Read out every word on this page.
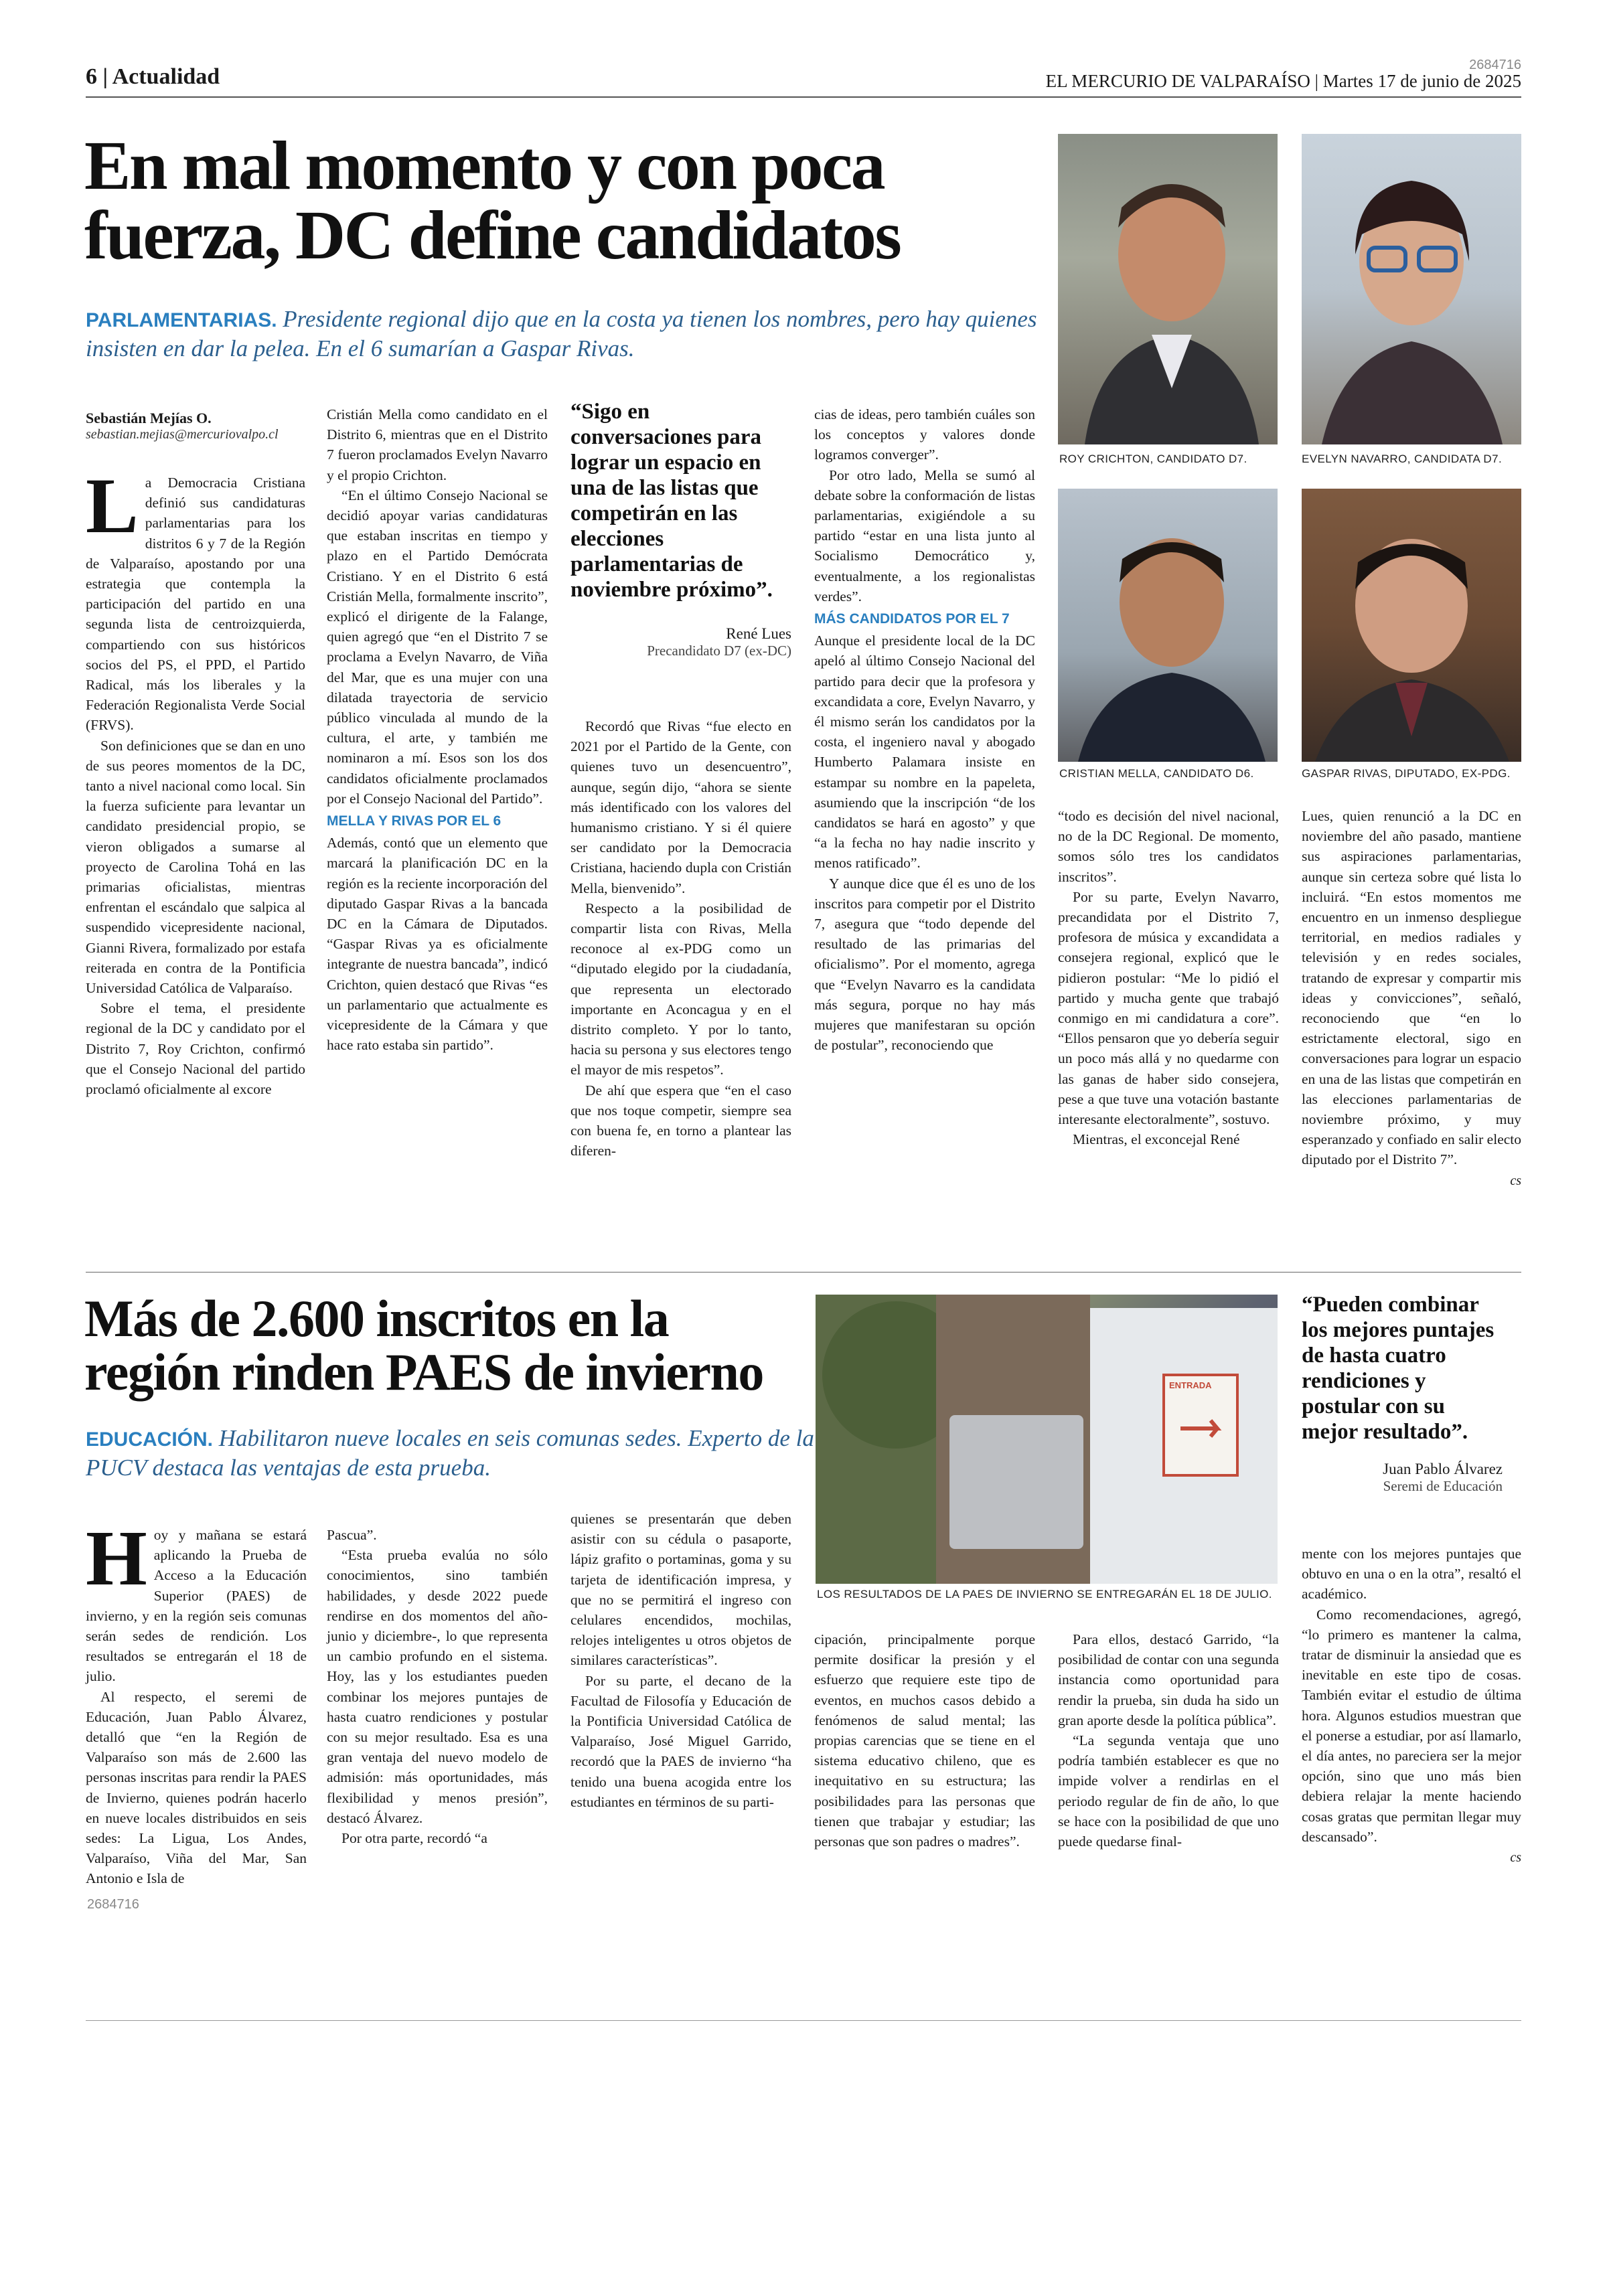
6 | Actualidad	EL MERCURIO DE VALPARAÍSO | Martes 17 de junio de 2025
2684716
En mal momento y con poca fuerza, DC define candidatos
PARLAMENTARIAS. Presidente regional dijo que en la costa ya tienen los nombres, pero hay quienes insisten en dar la pelea. En el 6 sumarían a Gaspar Rivas.
ROY CRICHTON, CANDIDATO D7.	EVELYN NAVARRO, CANDIDATA D7.
CRISTIAN MELLA, CANDIDATO D6.	GASPAR RIVAS, DIPUTADO, EX-PDG.
Sebastián Mejías O.
sebastian.mejias@mercuriovalpo.cl
L a Democracia Cristiana definió sus candidaturas parlamentarias para los distritos 6 y 7 de la Región de Valparaíso, apostando por una estrategia que contempla la participación del partido en una segunda lista de centroizquierda, compartiendo con sus históricos socios del PS, el PPD, el Partido Radical, más los liberales y la Federación Regionalista Verde Social (FRVS).

Son definiciones que se dan en uno de sus peores momentos de la DC, tanto a nivel nacional como local. Sin la fuerza suficiente para levantar un candidato presidencial propio, se vieron obligados a sumarse al proyecto de Carolina Tohá en las primarias oficialistas, mientras enfrentan el escándalo que salpica al suspendido vicepresidente nacional, Gianni Rivera, formalizado por estafa reiterada en contra de la Pontificia Universidad Católica de Valparaíso.

Sobre el tema, el presidente regional de la DC y candidato por el Distrito 7, Roy Crichton, confirmó que el Consejo Nacional del partido proclamó oficialmente al excore

Cristián Mella como candidato en el Distrito 6, mientras que en el Distrito 7 fueron proclamados Evelyn Navarro y el propio Crichton.

“En el último Consejo Nacional se decidió apoyar varias candidaturas que estaban inscritas en tiempo y plazo en el Partido Demócrata Cristiano. Y en el Distrito 6 está Cristián Mella, formalmente inscrito”, explicó el dirigente de la Falange, quien agregó que “en el Distrito 7 se proclama a Evelyn Navarro, de Viña del Mar, que es una mujer con una dilatada trayectoria de servicio público vinculada al mundo de la cultura, el arte, y también me nominaron a mí. Esos son los dos candidatos oficialmente proclamados por el Consejo Nacional del Partido”.

MELLA Y RIVAS POR EL 6

Además, contó que un elemento que marcará la planificación DC en la región es la reciente incorporación del diputado Gaspar Rivas a la bancada DC en la Cámara de Diputados. “Gaspar Rivas ya es oficialmente integrante de nuestra bancada”, indicó Crichton, quien destacó que Rivas “es un parlamentario que actualmente es vicepresidente de la Cámara y que hace rato estaba sin partido”.

“Sigo en conversaciones para lograr un espacio en una de las listas que competirán en las elecciones parlamentarias de noviembre próximo”.
René Lues
Precandidato D7 (ex-DC)

Recordó que Rivas “fue electo en 2021 por el Partido de la Gente, con quienes tuvo un desencuentro”, aunque, según dijo, “ahora se siente más identificado con los valores del humanismo cristiano. Y si él quiere ser candidato por la Democracia Cristiana, haciendo dupla con Cristián Mella, bienvenido”.

Respecto a la posibilidad de compartir lista con Rivas, Mella reconoce al ex-PDG como un “diputado elegido por la ciudadanía, que representa un electorado importante en Aconcagua y en el distrito completo. Y por lo tanto, hacia su persona y sus electores tengo el mayor de mis respetos”.

De ahí que espera que “en el caso que nos toque competir, siempre sea con buena fe, en torno a plantear las diferen-

cias de ideas, pero también cuáles son los conceptos y valores donde logramos converger”.

Por otro lado, Mella se sumó al debate sobre la conformación de listas parlamentarias, exigiéndole a su partido “estar en una lista junto al Socialismo Democrático y, eventualmente, a los regionalistas verdes”.

MÁS CANDIDATOS POR EL 7

Aunque el presidente local de la DC apeló al último Consejo Nacional del partido para decir que la profesora y excandidata a core, Evelyn Navarro, y él mismo serán los candidatos por la costa, el ingeniero naval y abogado Humberto Palamara insiste en estampar su nombre en la papeleta, asumiendo que la inscripción “de los candidatos se hará en agosto” y que “a la fecha no hay nadie inscrito y menos ratificado”.

Y aunque dice que él es uno de los inscritos para competir por el Distrito 7, asegura que “todo depende del resultado de las primarias del oficialismo”. Por el momento, agrega que “Evelyn Navarro es la candidata más segura, porque no hay más mujeres que manifestaran su opción de postular”, reconociendo que

“todo es decisión del nivel nacional, no de la DC Regional. De momento, somos sólo tres los candidatos inscritos”.

Por su parte, Evelyn Navarro, precandidata por el Distrito 7, profesora de música y excandidata a consejera regional, explicó que le pidieron postular: “Me lo pidió el partido y mucha gente que trabajó conmigo en mi candidatura a core”. “Ellos pensaron que yo debería seguir un poco más allá y no quedarme con las ganas de haber sido consejera, pese a que tuve una votación bastante interesante electoralmente”, sostuvo.

Mientras, el exconcejal René

Lues, quien renunció a la DC en noviembre del año pasado, mantiene sus aspiraciones parlamentarias, aunque sin certeza sobre qué lista lo incluirá. “En estos momentos me encuentro en un inmenso despliegue territorial, en medios radiales y televisión y en redes sociales, tratando de expresar y compartir mis ideas y convicciones”, señaló, reconociendo que “en lo estrictamente electoral, sigo en conversaciones para lograr un espacio en una de las listas que competirán en las elecciones parlamentarias de noviembre próximo, y muy esperanzado y confiado en salir electo diputado por el Distrito 7”.

cs
Más de 2.600 inscritos en la región rinden PAES de invierno
EDUCACIÓN. Habilitaron nueve locales en seis comunas sedes. Experto de la PUCV destaca las ventajas de esta prueba.
ENTRADA
LOS RESULTADOS DE LA PAES DE INVIERNO SE ENTREGARÁN EL 18 DE JULIO.
“Pueden combinar los mejores puntajes de hasta cuatro rendiciones y postular con su mejor resultado”.
Juan Pablo Álvarez
Seremi de Educación
H oy y mañana se estará aplicando la Prueba de Acceso a la Educación Superior (PAES) de invierno, y en la región seis comunas serán sedes de rendición. Los resultados se entregarán el 18 de julio.

Al respecto, el seremi de Educación, Juan Pablo Álvarez, detalló que “en la Región de Valparaíso son más de 2.600 las personas inscritas para rendir la PAES de Invierno, quienes podrán hacerlo en nueve locales distribuidos en seis sedes: La Ligua, Los Andes, Valparaíso, Viña del Mar, San Antonio e Isla de

Pascua”.

“Esta prueba evalúa no sólo conocimientos, sino también habilidades, y desde 2022 puede rendirse en dos momentos del año-junio y diciembre-, lo que representa un cambio profundo en el sistema. Hoy, las y los estudiantes pueden combinar los mejores puntajes de hasta cuatro rendiciones y postular con su mejor resultado. Esa es una gran ventaja del nuevo modelo de admisión: más oportunidades, más flexibilidad y menos presión”, destacó Álvarez.

Por otra parte, recordó “a

quienes se presentarán que deben asistir con su cédula o pasaporte, lápiz grafito o portaminas, goma y su tarjeta de identificación impresa, y que no se permitirá el ingreso con celulares encendidos, mochilas, relojes inteligentes u otros objetos de similares características”.

Por su parte, el decano de la Facultad de Filosofía y Educación de la Pontificia Universidad Católica de Valparaíso, José Miguel Garrido, recordó que la PAES de invierno “ha tenido una buena acogida entre los estudiantes en términos de su parti-

cipación, principalmente porque permite dosificar la presión y el esfuerzo que requiere este tipo de eventos, en muchos casos debido a fenómenos de salud mental; las propias carencias que se tiene en el sistema educativo chileno, que es inequitativo en su estructura; las posibilidades para las personas que tienen que trabajar y estudiar; las personas que son padres o madres”.

Para ellos, destacó Garrido, “la posibilidad de contar con una segunda instancia como oportunidad para rendir la prueba, sin duda ha sido un gran aporte desde la política pública”.

“La segunda ventaja que uno podría también establecer es que no impide volver a rendirlas en el periodo regular de fin de año, lo que se hace con la posibilidad de que uno puede quedarse final-

mente con los mejores puntajes que obtuvo en una o en la otra”, resaltó el académico.

Como recomendaciones, agregó, “lo primero es mantener la calma, tratar de disminuir la ansiedad que es inevitable en este tipo de cosas. También evitar el estudio de última hora. Algunos estudios muestran que el ponerse a estudiar, por así llamarlo, el día antes, no pareciera ser la mejor opción, sino que uno más bien debiera relajar la mente haciendo cosas gratas que permitan llegar muy descansado”.

cs
2684716
